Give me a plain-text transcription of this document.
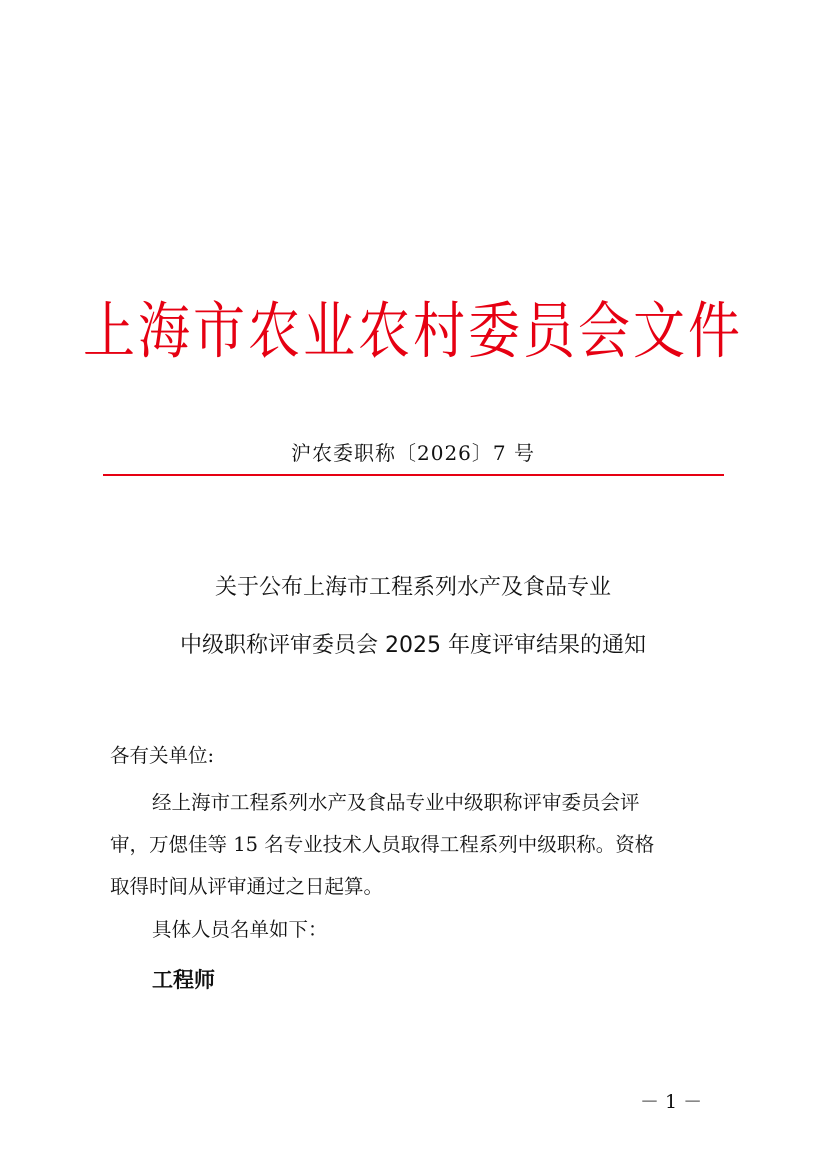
上海市农业农村委员会文件
沪农委职称〔2026〕7 号
关于公布上海市工程系列水产及食品专业
中级职称评审委员会 2025 年度评审结果的通知
各有关单位:
经上海市工程系列水产及食品专业中级职称评审委员会评
审，万偲佳等 15 名专业技术人员取得工程系列中级职称。资格
取得时间从评审通过之日起算。
具体人员名单如下：
工程师
－ 1 －
